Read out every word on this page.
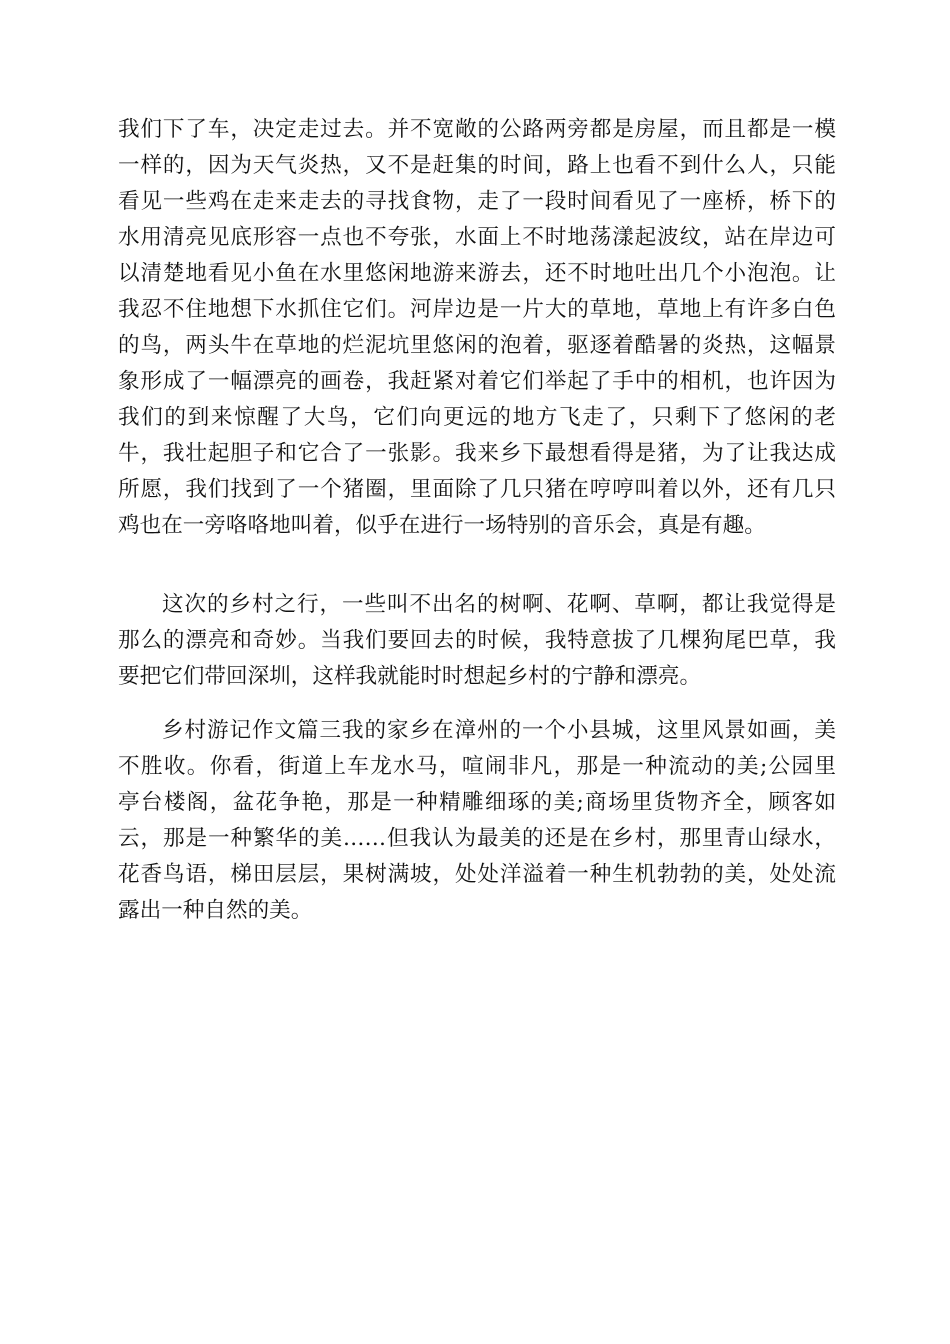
我们下了车，决定走过去。并不宽敞的公路两旁都是房屋，而且都是一模
一样的，因为天气炎热，又不是赶集的时间，路上也看不到什么人，只能
看见一些鸡在走来走去的寻找食物，走了一段时间看见了一座桥，桥下的
水用清亮见底形容一点也不夸张，水面上不时地荡漾起波纹，站在岸边可
以清楚地看见小鱼在水里悠闲地游来游去，还不时地吐出几个小泡泡。让
我忍不住地想下水抓住它们。河岸边是一片大的草地，草地上有许多白色
的鸟，两头牛在草地的烂泥坑里悠闲的泡着，驱逐着酷暑的炎热，这幅景
象形成了一幅漂亮的画卷，我赶紧对着它们举起了手中的相机，也许因为
我们的到来惊醒了大鸟，它们向更远的地方飞走了，只剩下了悠闲的老
牛，我壮起胆子和它合了一张影。我来乡下最想看得是猪，为了让我达成
所愿，我们找到了一个猪圈，里面除了几只猪在哼哼叫着以外，还有几只
鸡也在一旁咯咯地叫着，似乎在进行一场特别的音乐会，真是有趣。
这次的乡村之行，一些叫不出名的树啊、花啊、草啊，都让我觉得是
那么的漂亮和奇妙。当我们要回去的时候，我特意拔了几棵狗尾巴草，我
要把它们带回深圳，这样我就能时时想起乡村的宁静和漂亮。
乡村游记作文篇三我的家乡在漳州的一个小县城，这里风景如画，美
不胜收。你看，街道上车龙水马，喧闹非凡，那是一种流动的美;公园里
亭台楼阁，盆花争艳，那是一种精雕细琢的美;商场里货物齐全，顾客如
云，那是一种繁华的美……但我认为最美的还是在乡村，那里青山绿水，
花香鸟语，梯田层层，果树满坡，处处洋溢着一种生机勃勃的美，处处流
露出一种自然的美。
